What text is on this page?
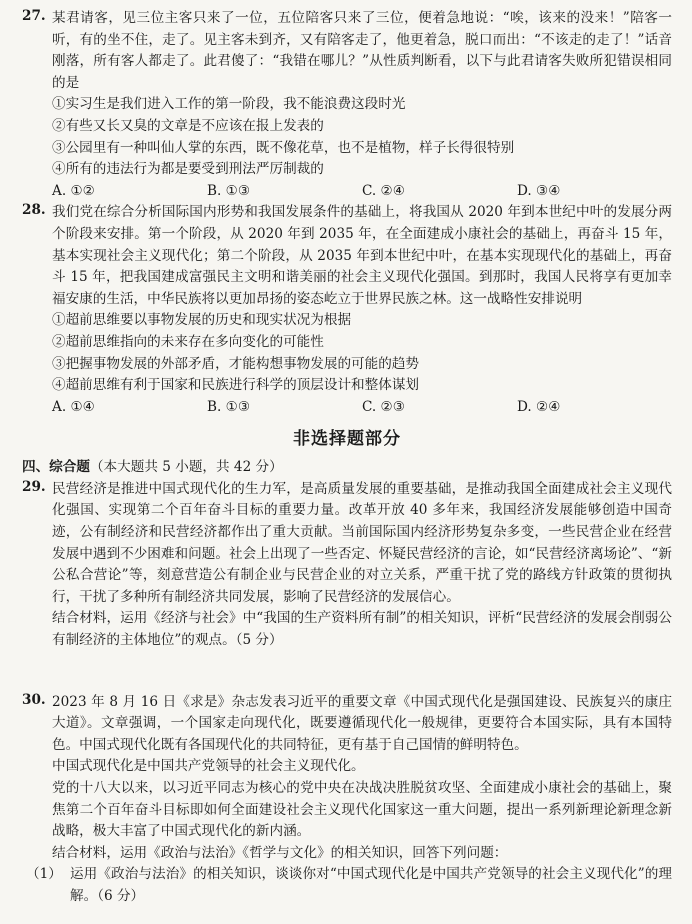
27. 某君请客，见三位主客只来了一位，五位陪客只来了三位，便着急地说：“唉，该来的没来！”陪客一听，有的坐不住，走了。见主客未到齐，又有陪客走了，他更着急，脱口而出：“不该走的走了！”话音刚落，所有客人都走了。此君傻了：“我错在哪儿？”从性质判断看，以下与此君请客失败所犯错误相同的是
①实习生是我们进入工作的第一阶段，我不能浪费这段时光
②有些又长又臭的文章是不应该在报上发表的
③公园里有一种叫仙人掌的东西，既不像花草，也不是植物，样子长得很特别
④所有的违法行为都是要受到刑法严厉制裁的
A. ①②	B. ①③	C. ②④	D. ③④
28. 我们党在综合分析国际国内形势和我国发展条件的基础上，将我国从 2020 年到本世纪中叶的发展分两个阶段来安排。第一个阶段，从 2020 年到 2035 年，在全面建成小康社会的基础上，再奋斗 15 年，基本实现社会主义现代化；第二个阶段，从 2035 年到本世纪中叶，在基本实现现代化的基础上，再奋斗 15 年，把我国建成富强民主文明和谐美丽的社会主义现代化强国。到那时，我国人民将享有更加幸福安康的生活，中华民族将以更加昂扬的姿态屹立于世界民族之林。这一战略性安排说明
①超前思维要以事物发展的历史和现实状况为根据
②超前思维指向的未来存在多向变化的可能性
③把握事物发展的外部矛盾，才能构想事物发展的可能的趋势
④超前思维有利于国家和民族进行科学的顶层设计和整体谋划
A. ①④	B. ①③	C. ②③	D. ②④
非选择题部分
四、综合题（本大题共 5 小题，共 42 分）
29. 民营经济是推进中国式现代化的生力军，是高质量发展的重要基础，是推动我国全面建成社会主义现代化强国、实现第二个百年奋斗目标的重要力量。改革开放 40 多年来，我国经济发展能够创造中国奇迹，公有制经济和民营经济都作出了重大贡献。当前国际国内经济形势复杂多变，一些民营企业在经营发展中遇到不少困难和问题。社会上出现了一些否定、怀疑民营经济的言论，如“民营经济离场论”、“新公私合营论”等，刻意营造公有制企业与民营企业的对立关系，严重干扰了党的路线方针政策的贯彻执行，干扰了多种所有制经济共同发展，影响了民营经济的发展信心。
结合材料，运用《经济与社会》中“我国的生产资料所有制”的相关知识，评析“民营经济的发展会削弱公有制经济的主体地位”的观点。（5 分）
30. 2023 年 8 月 16 日《求是》杂志发表习近平的重要文章《中国式现代化是强国建设、民族复兴的康庄大道》。文章强调，一个国家走向现代化，既要遵循现代化一般规律，更要符合本国实际，具有本国特色。中国式现代化既有各国现代化的共同特征，更有基于自己国情的鲜明特色。
中国式现代化是中国共产党领导的社会主义现代化。
党的十八大以来，以习近平同志为核心的党中央在决战决胜脱贫攻坚、全面建成小康社会的基础上，聚焦第二个百年奋斗目标即如何全面建设社会主义现代化国家这一重大问题，提出一系列新理论新理念新战略，极大丰富了中国式现代化的新内涵。
结合材料，运用《政治与法治》《哲学与文化》的相关知识，回答下列问题：
（1） 运用《政治与法治》的相关知识，谈谈你对“中国式现代化是中国共产党领导的社会主义现代化”的理解。（6 分）
